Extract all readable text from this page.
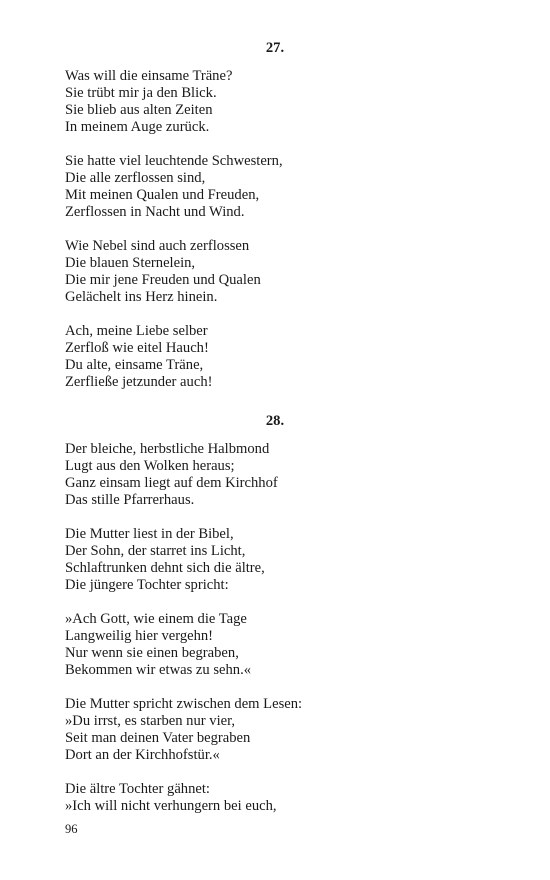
27.
Was will die einsame Träne?
Sie trübt mir ja den Blick.
Sie blieb aus alten Zeiten
In meinem Auge zurück.
Sie hatte viel leuchtende Schwestern,
Die alle zerflossen sind,
Mit meinen Qualen und Freuden,
Zerflossen in Nacht und Wind.
Wie Nebel sind auch zerflossen
Die blauen Sternelein,
Die mir jene Freuden und Qualen
Gelächelt ins Herz hinein.
Ach, meine Liebe selber
Zerfloß wie eitel Hauch!
Du alte, einsame Träne,
Zerfließe jetzunder auch!
28.
Der bleiche, herbstliche Halbmond
Lugt aus den Wolken heraus;
Ganz einsam liegt auf dem Kirchhof
Das stille Pfarrerhaus.
Die Mutter liest in der Bibel,
Der Sohn, der starret ins Licht,
Schlaftrunken dehnt sich die ältre,
Die jüngere Tochter spricht:
»Ach Gott, wie einem die Tage
Langweilig hier vergehn!
Nur wenn sie einen begraben,
Bekommen wir etwas zu sehn.«
Die Mutter spricht zwischen dem Lesen:
»Du irrst, es starben nur vier,
Seit man deinen Vater begraben
Dort an der Kirchhofstür.«
Die ältre Tochter gähnet:
»Ich will nicht verhungern bei euch,
96
